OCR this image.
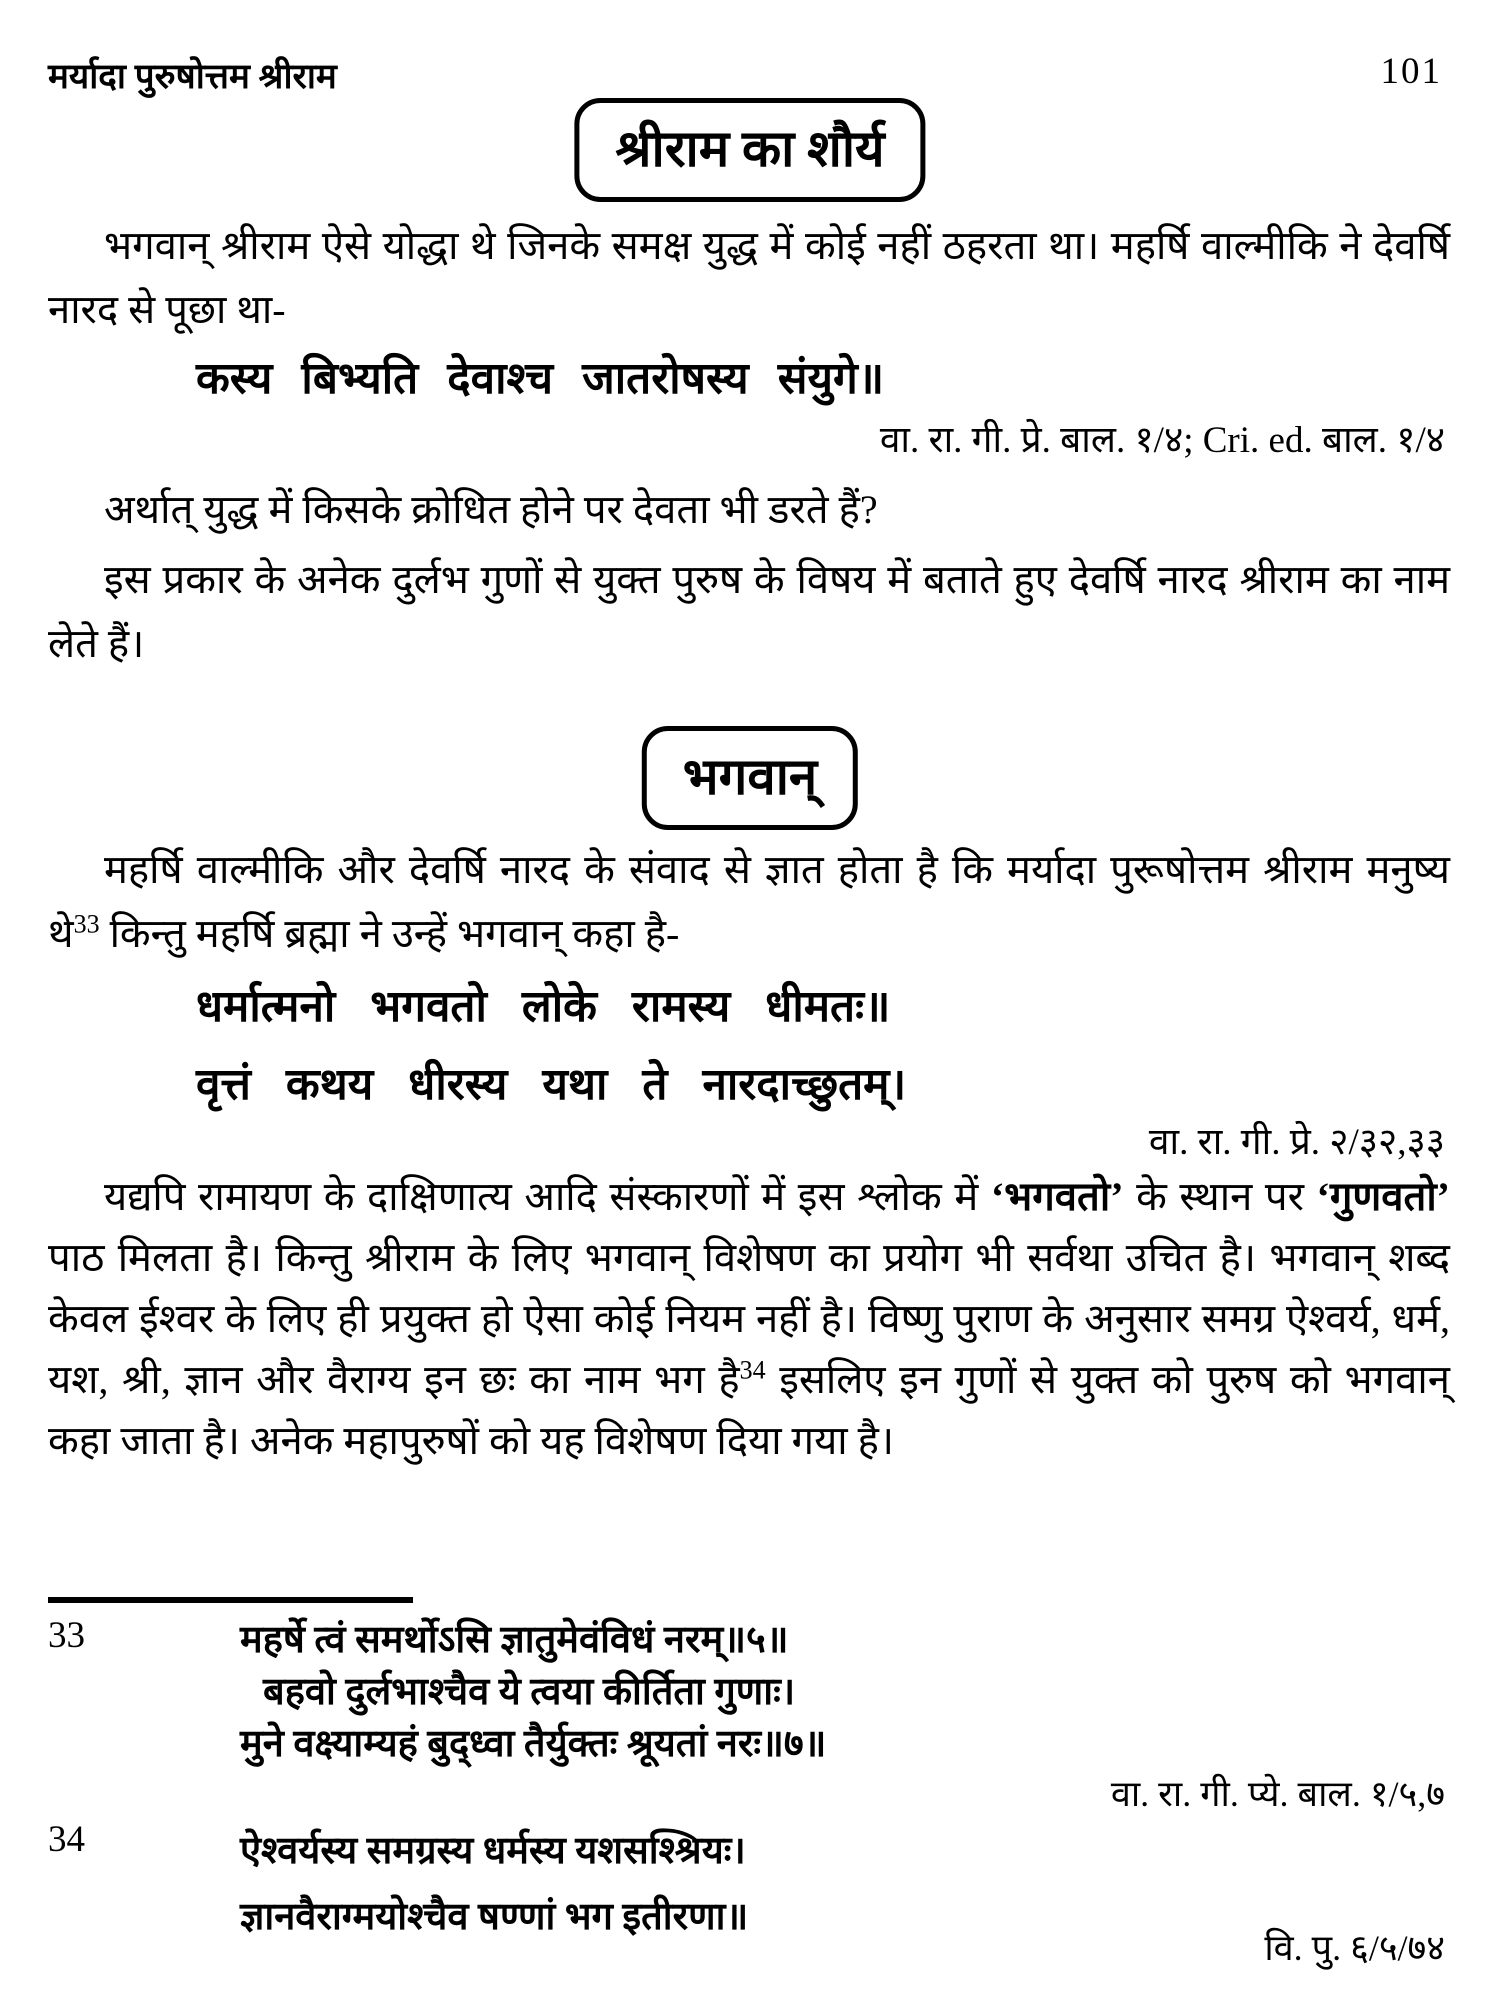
मर्यादा पुरुषोत्तम श्रीराम	101
श्रीराम का शौर्य
भगवान् श्रीराम ऐसे योद्धा थे जिनके समक्ष युद्ध में कोई नहीं ठहरता था। महर्षि वाल्मीकि ने देवर्षि नारद से पूछा था-
कस्य बिभ्यति देवाश्च जातरोषस्य संयुगे॥
वा. रा. गी. प्रे. बाल. १/४; Cri. ed. बाल. १/४
अर्थात् युद्ध में किसके क्रोधित होने पर देवता भी डरते हैं?
इस प्रकार के अनेक दुर्लभ गुणों से युक्त पुरुष के विषय में बताते हुए देवर्षि नारद श्रीराम का नाम लेते हैं।
भगवान्
महर्षि वाल्मीकि और देवर्षि नारद के संवाद से ज्ञात होता है कि मर्यादा पुरूषोत्तम श्रीराम मनुष्य थे$^{33}$ किन्तु महर्षि ब्रह्मा ने उन्हें भगवान् कहा है-
धर्मात्मनो भगवतो लोके रामस्य धीमतः॥
वृत्तं कथय धीरस्य यथा ते नारदाच्छुतम्।
वा. रा. गी. प्रे. २/३२,३३
यद्यपि रामायण के दाक्षिणात्य आदि संस्कारणों में इस श्लोक में ‘भगवतो’ के स्थान पर ‘गुणवतो’ पाठ मिलता है। किन्तु श्रीराम के लिए भगवान् विशेषण का प्रयोग भी सर्वथा उचित है। भगवान् शब्द केवल ईश्वर के लिए ही प्रयुक्त हो ऐसा कोई नियम नहीं है। विष्णु पुराण के अनुसार समग्र ऐश्वर्य, धर्म, यश, श्री, ज्ञान और वैराग्य इन छः का नाम भग है$^{34}$ इसलिए इन गुणों से युक्त को पुरुष को भगवान् कहा जाता है। अनेक महापुरुषों को यह विशेषण दिया गया है।
33	महर्षे त्वं समर्थोऽसि ज्ञातुमेवंविधं नरम्॥५॥
बहवो दुर्लभाश्चैव ये त्वया कीर्तिता गुणाः।
मुने वक्ष्याम्यहं बुद्ध्वा तैर्युक्तः श्रूयतां नरः॥७॥
वा. रा. गी. प्ये. बाल. १/५,७
34	ऐश्वर्यस्य समग्रस्य धर्मस्य यशसश्श्रियः।
ज्ञानवैराग्मयोश्चैव षण्णां भग इतीरणा॥
वि. पु. ६/५/७४
